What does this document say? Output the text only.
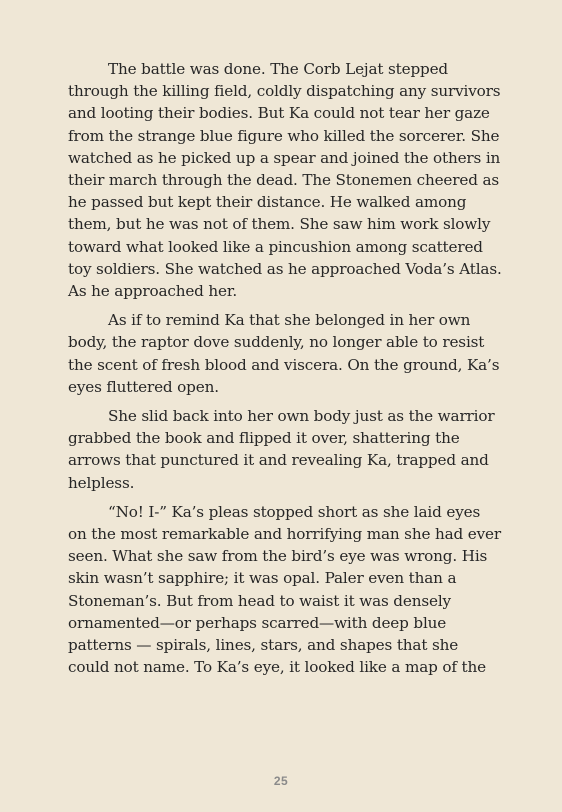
The battle was done. The Corb Lejat stepped through the killing field, coldly dispatching any survivors and looting their bodies. But Ka could not tear her gaze from the strange blue figure who killed the sorcerer. She watched as he picked up a spear and joined the others in their march through the dead. The Stonemen cheered as he passed but kept their distance. He walked among them, but he was not of them. She saw him work slowly toward what looked like a pincushion among scattered toy soldiers. She watched as he approached Voda’s Atlas. As he approached her.

As if to remind Ka that she belonged in her own body, the raptor dove suddenly, no longer able to resist the scent of fresh blood and viscera. On the ground, Ka’s eyes fluttered open.

She slid back into her own body just as the warrior grabbed the book and flipped it over, shattering the arrows that punctured it and revealing Ka, trapped and helpless.

“No! I-” Ka’s pleas stopped short as she laid eyes on the most remarkable and horrifying man she had ever seen. What she saw from the bird’s eye was wrong. His skin wasn’t sapphire; it was opal. Paler even than a Stoneman’s. But from head to waist it was densely ornamented—or perhaps scarred—with deep blue patterns — spirals, lines, stars, and shapes that she could not name. To Ka’s eye, it looked like a map of the

25
